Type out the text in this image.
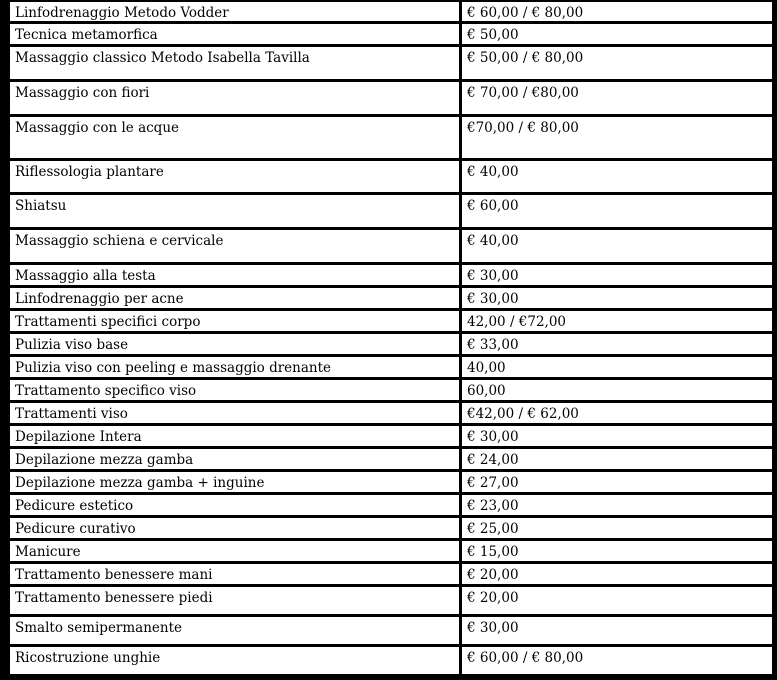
Linfodrenaggio Metodo Vodder	€ 60,00 / € 80,00
Tecnica metamorfica	€ 50,00
Massaggio classico Metodo Isabella Tavilla	€ 50,00 / € 80,00
Massaggio con fiori	€ 70,00 / €80,00
Massaggio con le acque	€70,00 / € 80,00
Riflessologia plantare	€ 40,00
Shiatsu	€ 60,00
Massaggio schiena e cervicale	€ 40,00
Massaggio alla testa	€ 30,00
Linfodrenaggio per acne	€ 30,00
Trattamenti specifici corpo	42,00 / €72,00
Pulizia viso base	€ 33,00
Pulizia viso con peeling e massaggio drenante	40,00
Trattamento specifico viso	60,00
Trattamenti viso	€42,00 / € 62,00
Depilazione Intera	€ 30,00
Depilazione mezza gamba	€ 24,00
Depilazione mezza gamba + inguine	€ 27,00
Pedicure estetico	€ 23,00
Pedicure curativo	€ 25,00
Manicure	€ 15,00
Trattamento benessere mani	€ 20,00
Trattamento benessere piedi	€ 20,00
Smalto semipermanente	€ 30,00
Ricostruzione unghie	€ 60,00 / € 80,00
